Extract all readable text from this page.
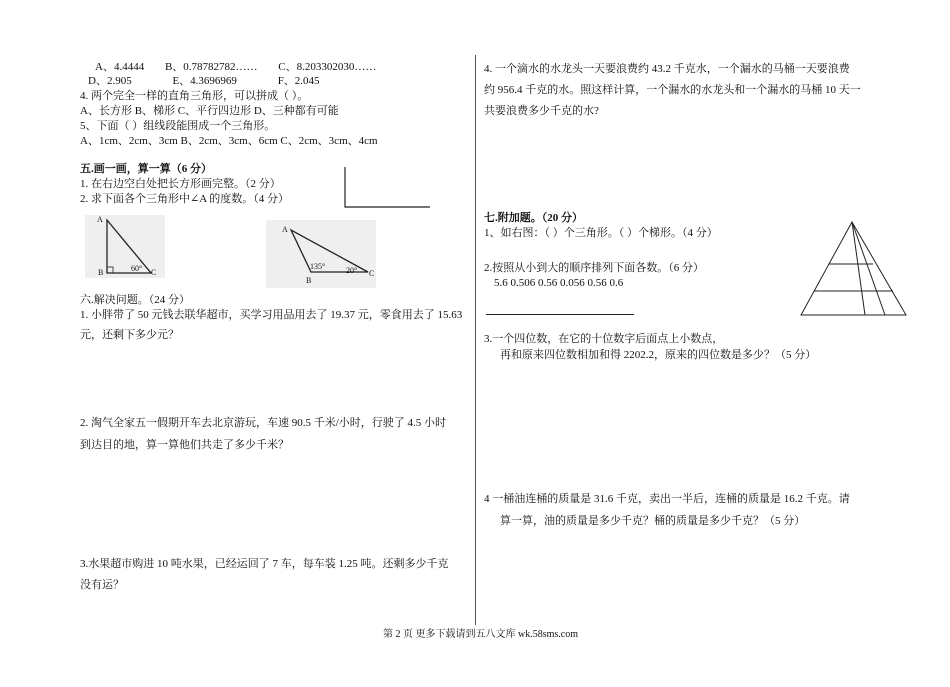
A、4.4444 B、0.78782782…… C、8.203302030……
D、2.905	E、4.3696969	F、2.045
4. 两个完全一样的直角三角形，可以拼成（ ）。
A、长方形 B、梯形 C、平行四边形 D、三种都有可能
5、下面（ ）组线段能围成一个三角形。
A、1cm、2cm、3cm B、2cm、3cm、6cm C、2cm、3cm、4cm
五.画一画，算一算（6 分）
1. 在右边空白处把长方形画完整。（2 分）
2. 求下面各个三角形中∠A 的度数。（4 分）
A
B	C
60°
A
B
C
135°	20°
六.解决问题。（24 分）
1. 小胖带了 50 元钱去联华超市，买学习用品用去了 19.37 元，零食用去了 15.63
元，还剩下多少元？
2. 淘气全家五一假期开车去北京游玩，车速 90.5 千米/小时，行驶了 4.5 小时
到达目的地，算一算他们共走了多少千米？
3.水果超市购进 10 吨水果，已经运回了 7 车，每车装 1.25 吨。还剩多少千克
没有运？
4. 一个滴水的水龙头一天要浪费约 43.2 千克水，一个漏水的马桶一天要浪费
约 956.4 千克的水。照这样计算，一个漏水的水龙头和一个漏水的马桶 10 天一
共要浪费多少千克的水?
七.附加题。（20 分）
1、如右图：（ ）个三角形。（ ）个梯形。（4 分）
2.按照从小到大的顺序排列下面各数。（6 分）
5.6 0.506 0.56 0.056 0.56 0.6
3.一个四位数，在它的十位数字后面点上小数点，
再和原来四位数相加和得 2202.2，原来的四位数是多少？（5 分）
4 一桶油连桶的质量是 31.6 千克，卖出一半后，连桶的质量是 16.2 千克。请
算一算，油的质量是多少千克？桶的质量是多少千克？（5 分）
第 2 页 更多下载请到五八文库 wk.58sms.com
